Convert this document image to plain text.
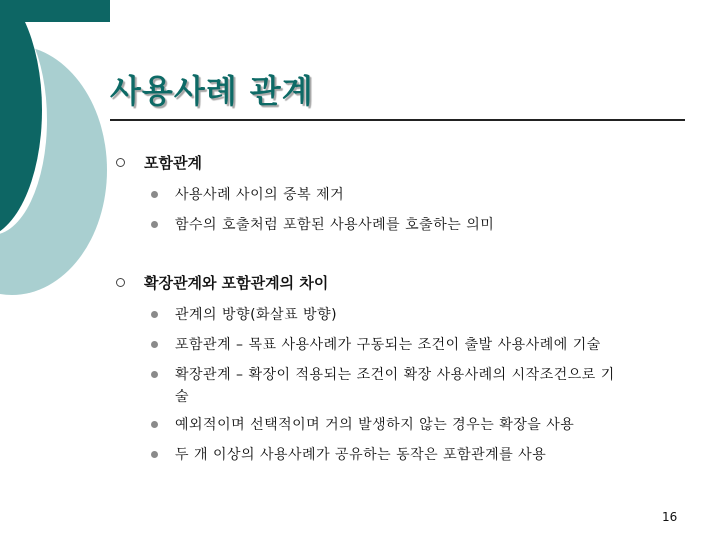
사용사례 관계
포함관계
사용사례 사이의 중복 제거
함수의 호출처럼 포함된 사용사례를 호출하는 의미
확장관계와 포함관계의 차이
관계의 방향(화살표 방향)
포함관계 – 목표 사용사례가 구동되는 조건이 출발 사용사례에 기술
확장관계 – 확장이 적용되는 조건이 확장 사용사례의 시작조건으로 기
술
예외적이며 선택적이며 거의 발생하지 않는 경우는 확장을 사용
두 개 이상의 사용사례가 공유하는 동작은 포함관계를 사용
16
